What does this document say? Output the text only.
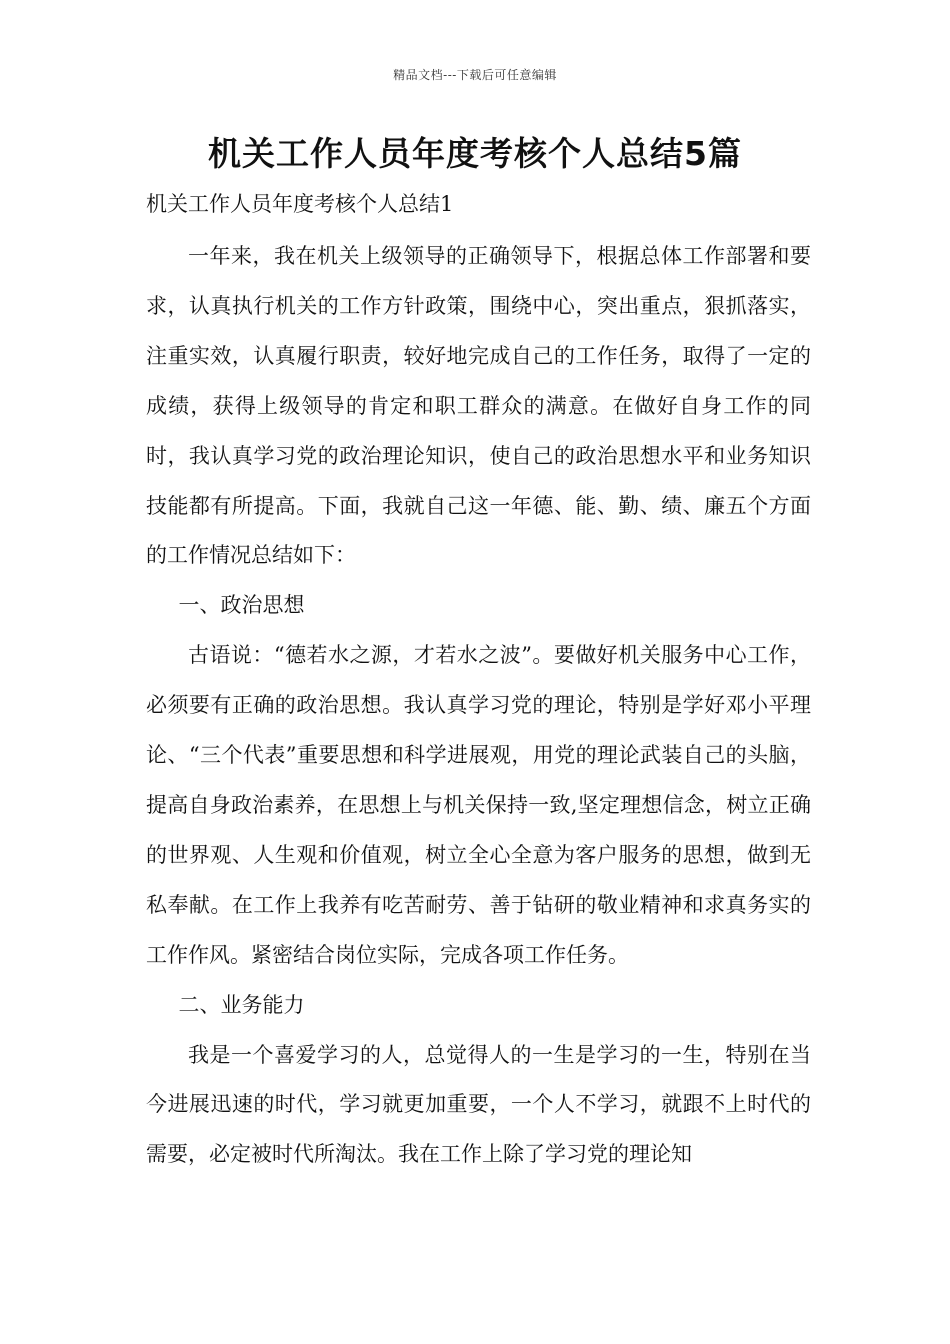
精品文档---下载后可任意编辑
机关工作人员年度考核个人总结5篇
机关工作人员年度考核个人总结1

一年来，我在机关上级领导的正确领导下，根据总体工作部署和要求，认真执行机关的工作方针政策，围绕中心，突出重点，狠抓落实，注重实效，认真履行职责，较好地完成自己的工作任务，取得了一定的成绩，获得上级领导的肯定和职工群众的满意。在做好自身工作的同时，我认真学习党的政治理论知识，使自己的政治思想水平和业务知识技能都有所提高。下面，我就自己这一年德、能、勤、绩、廉五个方面的工作情况总结如下：

一、政治思想

古语说：“德若水之源，才若水之波”。要做好机关服务中心工作，必须要有正确的政治思想。我认真学习党的理论，特别是学好邓小平理论、“三个代表”重要思想和科学进展观，用党的理论武装自己的头脑，提高自身政治素养，在思想上与机关保持一致,坚定理想信念，树立正确的世界观、人生观和价值观，树立全心全意为客户服务的思想，做到无私奉献。在工作上我养有吃苦耐劳、善于钻研的敬业精神和求真务实的工作作风。紧密结合岗位实际，完成各项工作任务。

二、业务能力

我是一个喜爱学习的人，总觉得人的一生是学习的一生，特别在当今进展迅速的时代，学习就更加重要，一个人不学习，就跟不上时代的需要，必定被时代所淘汰。我在工作上除了学习党的理论知
